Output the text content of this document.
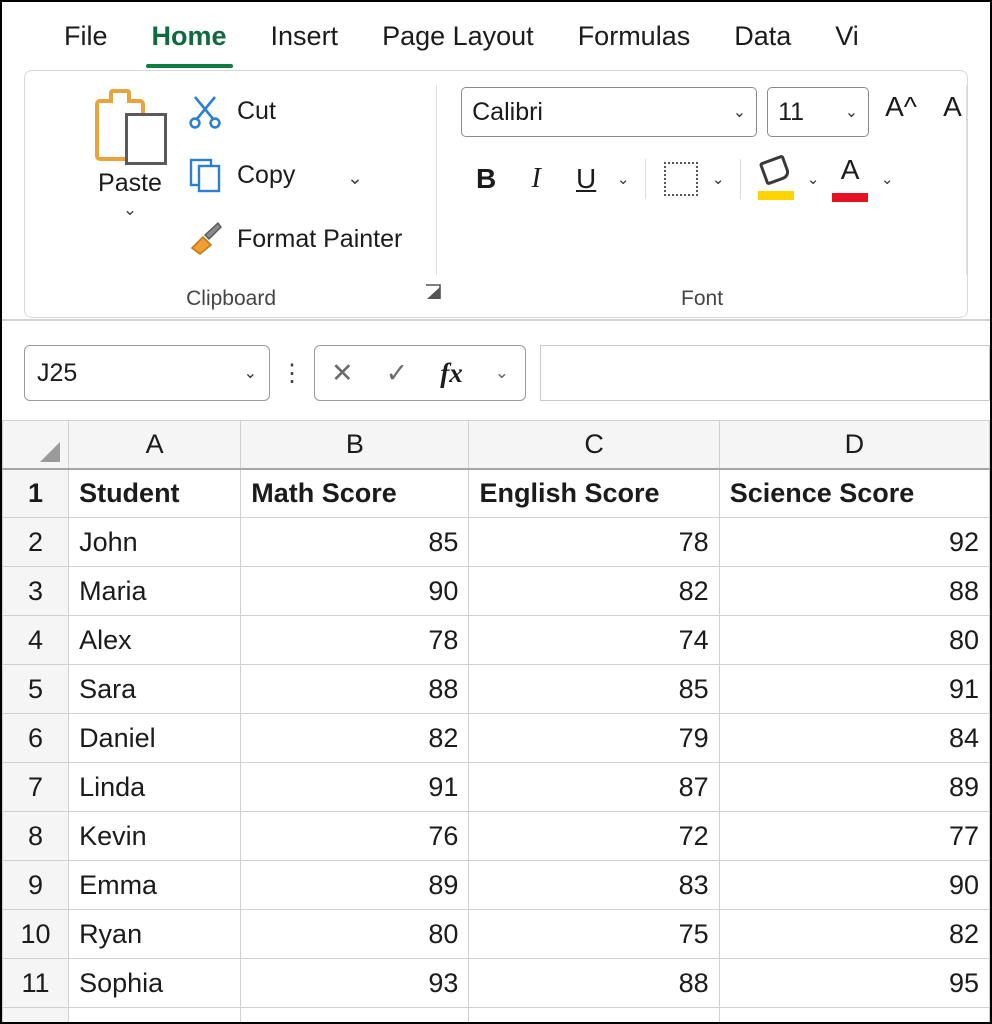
File	Home	Insert	Page Layout	Formulas	Data	Vi
Paste
⌄
Cut
Copy	⌄
Format Painter
Clipboard
Calibri	⌄ 11	⌄ A^ A
B	I	U	⌄	⌄	⌄ A	⌄
Font
J25	⌄ ⋮	✕ ✓ fx ⌄
	A	B	C	D
1	Student	Math Score	English Score	Science Score
2	John	85	78	92
3	Maria	90	82	88
4	Alex	78	74	80
5	Sara	88	85	91
6	Daniel	82	79	84
7	Linda	91	87	89
8	Kevin	76	72	77
9	Emma	89	83	90
10	Ryan	80	75	82
11	Sophia	93	88	95
